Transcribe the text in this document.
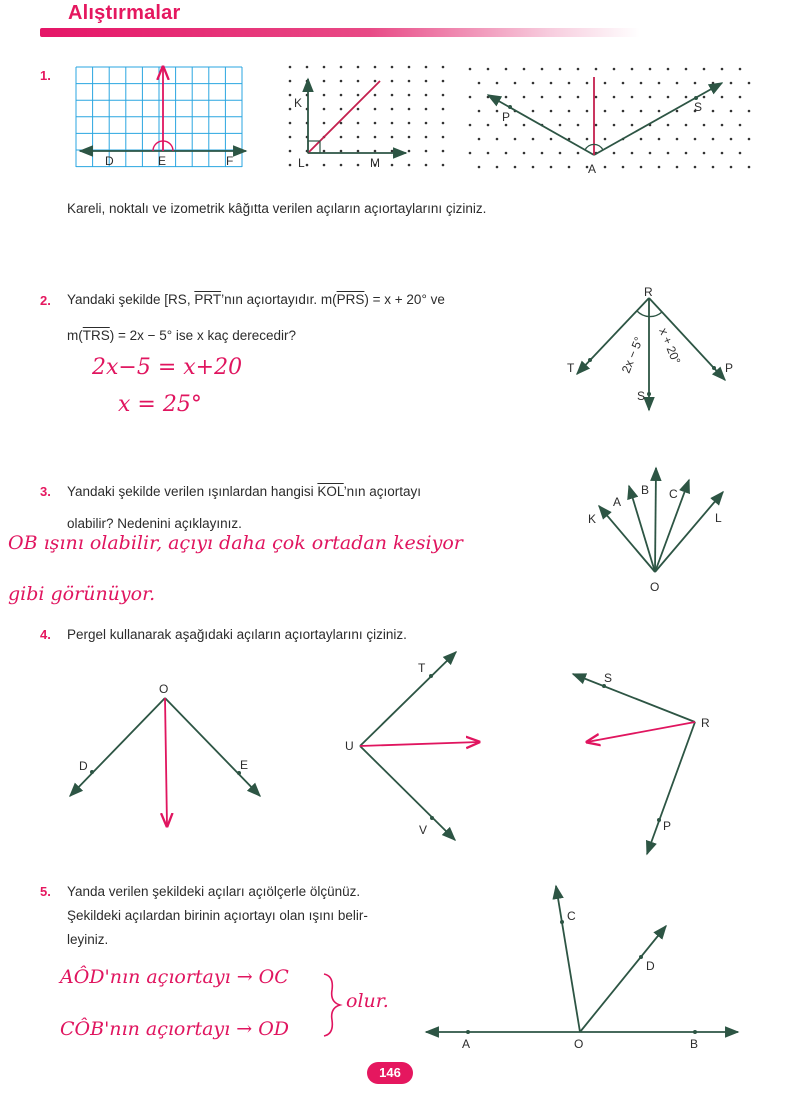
Alıştırmalar
1.
D	E	F
K
L	M
P
S
A
Kareli, noktalı ve izometrik kâğıtta verilen açıların açıortaylarını çiziniz.
2. Yandaki şekilde [RS, $\overline{PRT}’nın$ açıortayıdır. $m(\overline{PRS}) = x + 20^\circ$ ve
$m(\overline{TRS}) = 2x - 5^\circ$ ise x kaç derecedir?
2x−5 = x+20
x = 25°
R
T	P
S
2x − 5° x + 20°
3. Yandaki şekilde verilen ışınlardan hangisi $\overline{KOL}’nın$ açıortayı
olabilir? Nedenini açıklayınız.
OB ışını olabilir, açıyı daha çok ortadan kesiyor
gibi görünüyor.
K
A
B C
L
O
4. Pergel kullanarak aşağıdaki açıların açıortaylarını çiziniz.
O
D	E
T
U
V
S
R
P
5. Yanda verilen şekildeki açıları açıölçerle ölçünüz.
Şekildeki açılardan birinin açıortayı olan ışını belir-
leyiniz.
AÔD'nın açıortayı → OC
CÔB'nın açıortayı → OD
olur.
C
D
A	O	B
146
